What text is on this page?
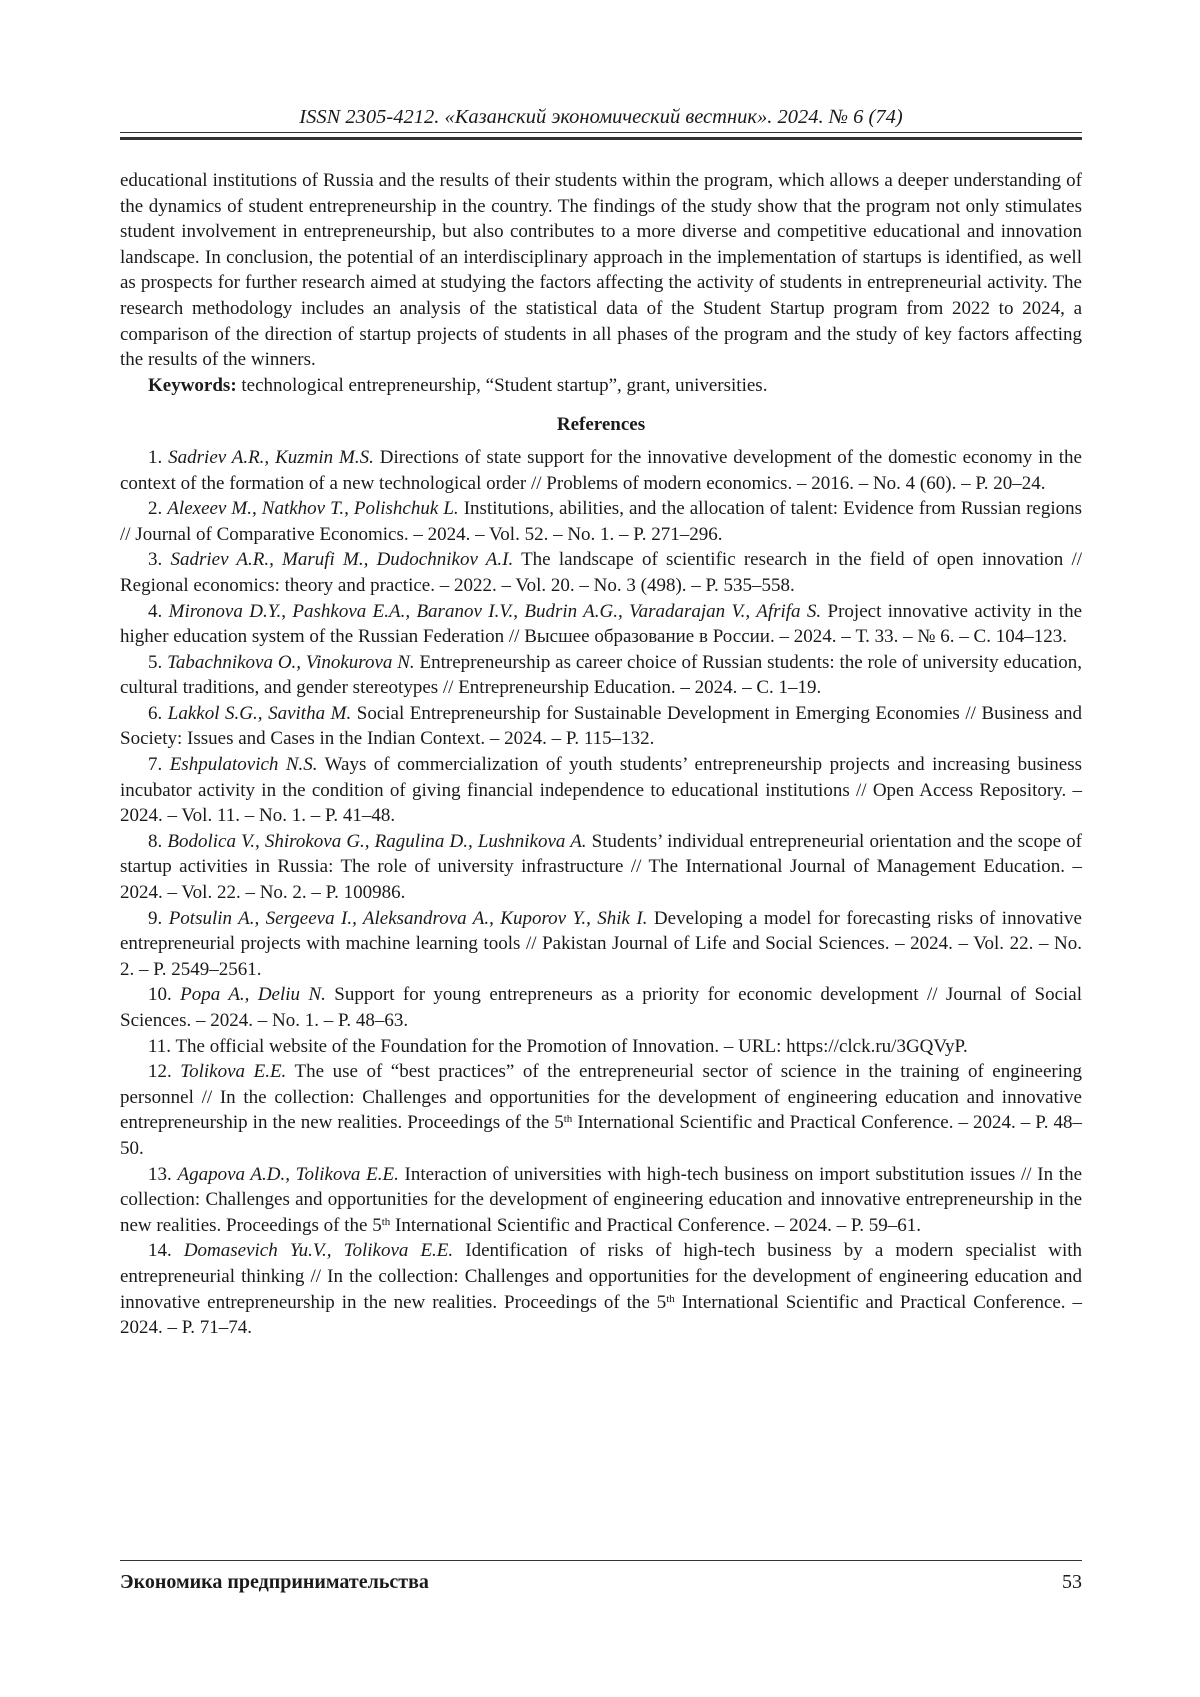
ISSN 2305-4212. «Казанский экономический вестник». 2024. № 6 (74)

educational institutions of Russia and the results of their students within the program, which allows a deeper understanding of the dynamics of student entrepreneurship in the country. The findings of the study show that the program not only stimulates student involvement in entrepreneurship, but also contributes to a more diverse and competitive educational and innovation landscape. In conclusion, the potential of an interdisciplinary approach in the implementation of startups is identified, as well as prospects for further research aimed at studying the factors affecting the activity of students in entrepreneurial activity. The research methodology includes an analysis of the statistical data of the Student Startup program from 2022 to 2024, a comparison of the direction of startup projects of students in all phases of the program and the study of key factors affecting the results of the winners.

Keywords: technological entrepreneurship, “Student startup”, grant, universities.

References

1. Sadriev A.R., Kuzmin M.S. Directions of state support for the innovative development of the domestic economy in the context of the formation of a new technological order // Problems of modern economics. – 2016. – No. 4 (60). – P. 20–24.

2. Alexeev M., Natkhov T., Polishchuk L. Institutions, abilities, and the allocation of talent: Evidence from Russian regions // Journal of Comparative Economics. – 2024. – Vol. 52. – No. 1. – P. 271–296.

3. Sadriev A.R., Marufi M., Dudochnikov A.I. The landscape of scientific research in the field of open innovation // Regional economics: theory and practice. – 2022. – Vol. 20. – No. 3 (498). – P. 535–558.

4. Mironova D.Y., Pashkova E.A., Baranov I.V., Budrin A.G., Varadarajan V., Afrifa S. Project innovative activity in the higher education system of the Russian Federation // Высшее образование в России. – 2024. – Т. 33. – № 6. – С. 104–123.

5. Tabachnikova O., Vinokurova N. Entrepreneurship as career choice of Russian students: the role of university education, cultural traditions, and gender stereotypes // Entrepreneurship Education. – 2024. – С. 1–19.

6. Lakkol S.G., Savitha M. Social Entrepreneurship for Sustainable Development in Emerging Economies // Business and Society: Issues and Cases in the Indian Context. – 2024. – P. 115–132.

7. Eshpulatovich N.S. Ways of commercialization of youth students’ entrepreneurship projects and increasing business incubator activity in the condition of giving financial independence to educational institutions // Open Access Repository. – 2024. – Vol. 11. – No. 1. – P. 41–48.

8. Bodolica V., Shirokova G., Ragulina D., Lushnikova A. Students’ individual entrepreneurial orientation and the scope of startup activities in Russia: The role of university infrastructure // The International Journal of Management Education. – 2024. – Vol. 22. – No. 2. – P. 100986.

9. Potsulin A., Sergeeva I., Aleksandrova A., Kuporov Y., Shik I. Developing a model for forecasting risks of innovative entrepreneurial projects with machine learning tools // Pakistan Journal of Life and Social Sciences. – 2024. – Vol. 22. – No. 2. – P. 2549–2561.

10. Popa A., Deliu N. Support for young entrepreneurs as a priority for economic development // Journal of Social Sciences. – 2024. – No. 1. – P. 48–63.

11. The official website of the Foundation for the Promotion of Innovation. – URL: https://clck.ru/3GQVyP.

12. Tolikova E.E. The use of “best practices” of the entrepreneurial sector of science in the training of engineering personnel // In the collection: Challenges and opportunities for the development of engineering education and innovative entrepreneurship in the new realities. Proceedings of the 5th International Scientific and Practical Conference. – 2024. – P. 48–50.

13. Agapova A.D., Tolikova E.E. Interaction of universities with high-tech business on import substitution issues // In the collection: Challenges and opportunities for the development of engineering education and innovative entrepreneurship in the new realities. Proceedings of the 5th International Scientific and Practical Conference. – 2024. – P. 59–61.

14. Domasevich Yu.V., Tolikova E.E. Identification of risks of high-tech business by a modern specialist with entrepreneurial thinking // In the collection: Challenges and opportunities for the development of engineering education and innovative entrepreneurship in the new realities. Proceedings of the 5th International Scientific and Practical Conference. – 2024. – P. 71–74.

Экономика предпринимательства	53
